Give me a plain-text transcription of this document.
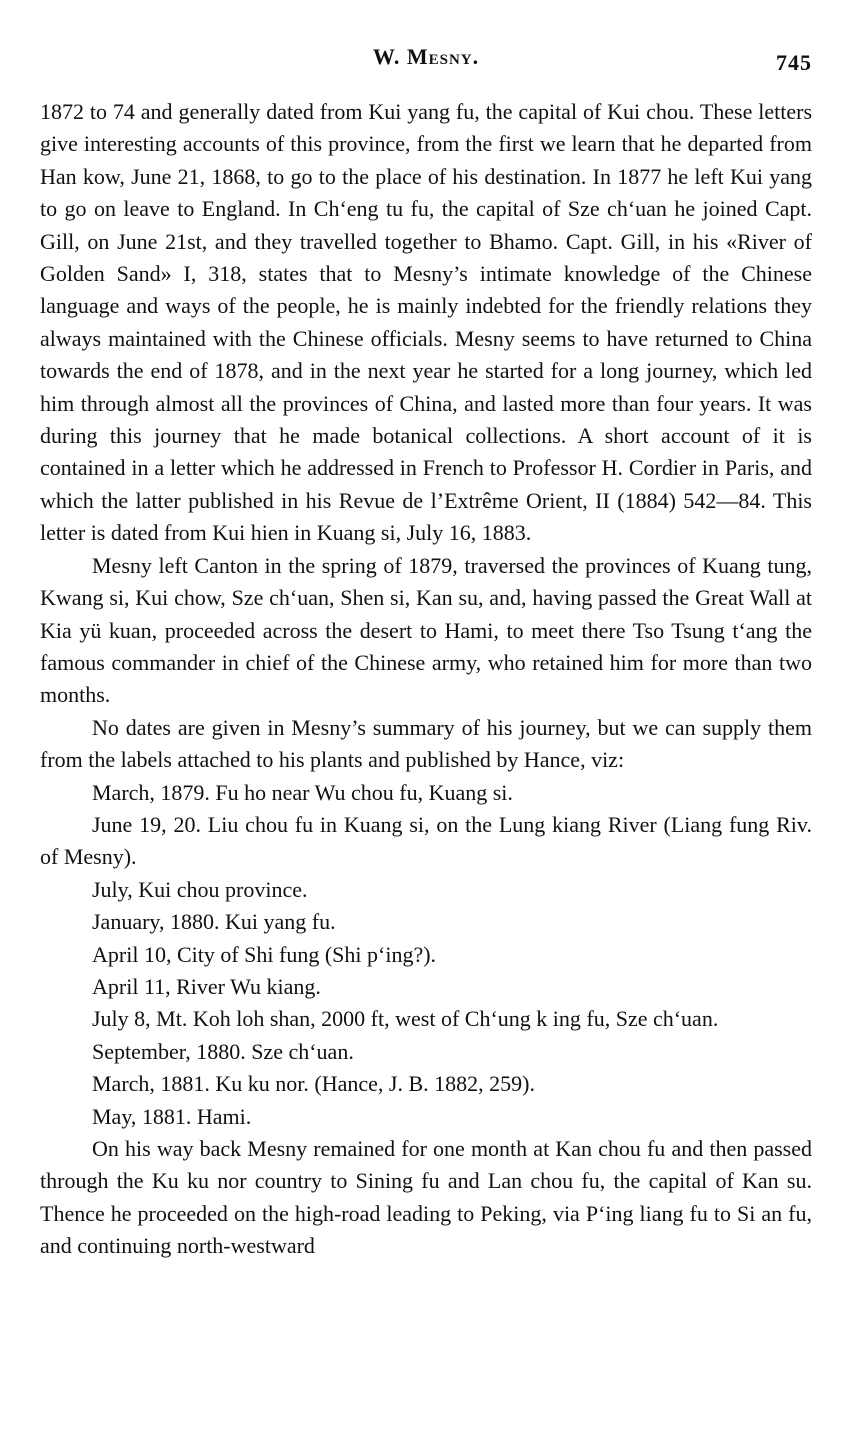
W. Mesny.	745

1872 to 74 and generally dated from Kui yang fu, the capital of Kui chou. These letters give interesting accounts of this province, from the first we learn that he departed from Han kow, June 21, 1868, to go to the place of his destination. In 1877 he left Kui yang to go on leave to England. In Chʻeng tu fu, the capital of Sze chʻuan he joined Capt. Gill, on June 21st, and they travelled together to Bhamo. Capt. Gill, in his «River of Golden Sand» I, 318, states that to Mesny’s intimate knowledge of the Chinese language and ways of the people, he is mainly indebted for the friendly relations they always maintained with the Chinese officials. Mesny seems to have returned to China towards the end of 1878, and in the next year he started for a long journey, which led him through almost all the provinces of China, and lasted more than four years. It was during this journey that he made botanical collections. A short account of it is contained in a letter which he addressed in French to Professor H. Cordier in Paris, and which the latter published in his Revue de l’Extrême Orient, II (1884) 542—84. This letter is dated from Kui hien in Kuang si, July 16, 1883.

Mesny left Canton in the spring of 1879, traversed the provinces of Kuang tung, Kwang si, Kui chow, Sze chʻuan, Shen si, Kan su, and, having passed the Great Wall at Kia yü kuan, proceeded across the desert to Hami, to meet there Tso Tsung tʻang the famous commander in chief of the Chinese army, who retained him for more than two months.

No dates are given in Mesny’s summary of his journey, but we can supply them from the labels attached to his plants and published by Hance, viz:

March, 1879. Fu ho near Wu chou fu, Kuang si.

June 19, 20. Liu chou fu in Kuang si, on the Lung kiang River (Liang fung Riv. of Mesny).

July, Kui chou province.

January, 1880. Kui yang fu.

April 10, City of Shi fung (Shi pʻing?).

April 11, River Wu kiang.

July 8, Mt. Koh loh shan, 2000 ft, west of Chʻung k ing fu, Sze chʻuan.

September, 1880. Sze chʻuan.

March, 1881. Ku ku nor. (Hance, J. B. 1882, 259).

May, 1881. Hami.

On his way back Mesny remained for one month at Kan chou fu and then passed through the Ku ku nor country to Sining fu and Lan chou fu, the capital of Kan su. Thence he proceeded on the high-road leading to Peking, via Pʻing liang fu to Si an fu, and continuing north-westward
